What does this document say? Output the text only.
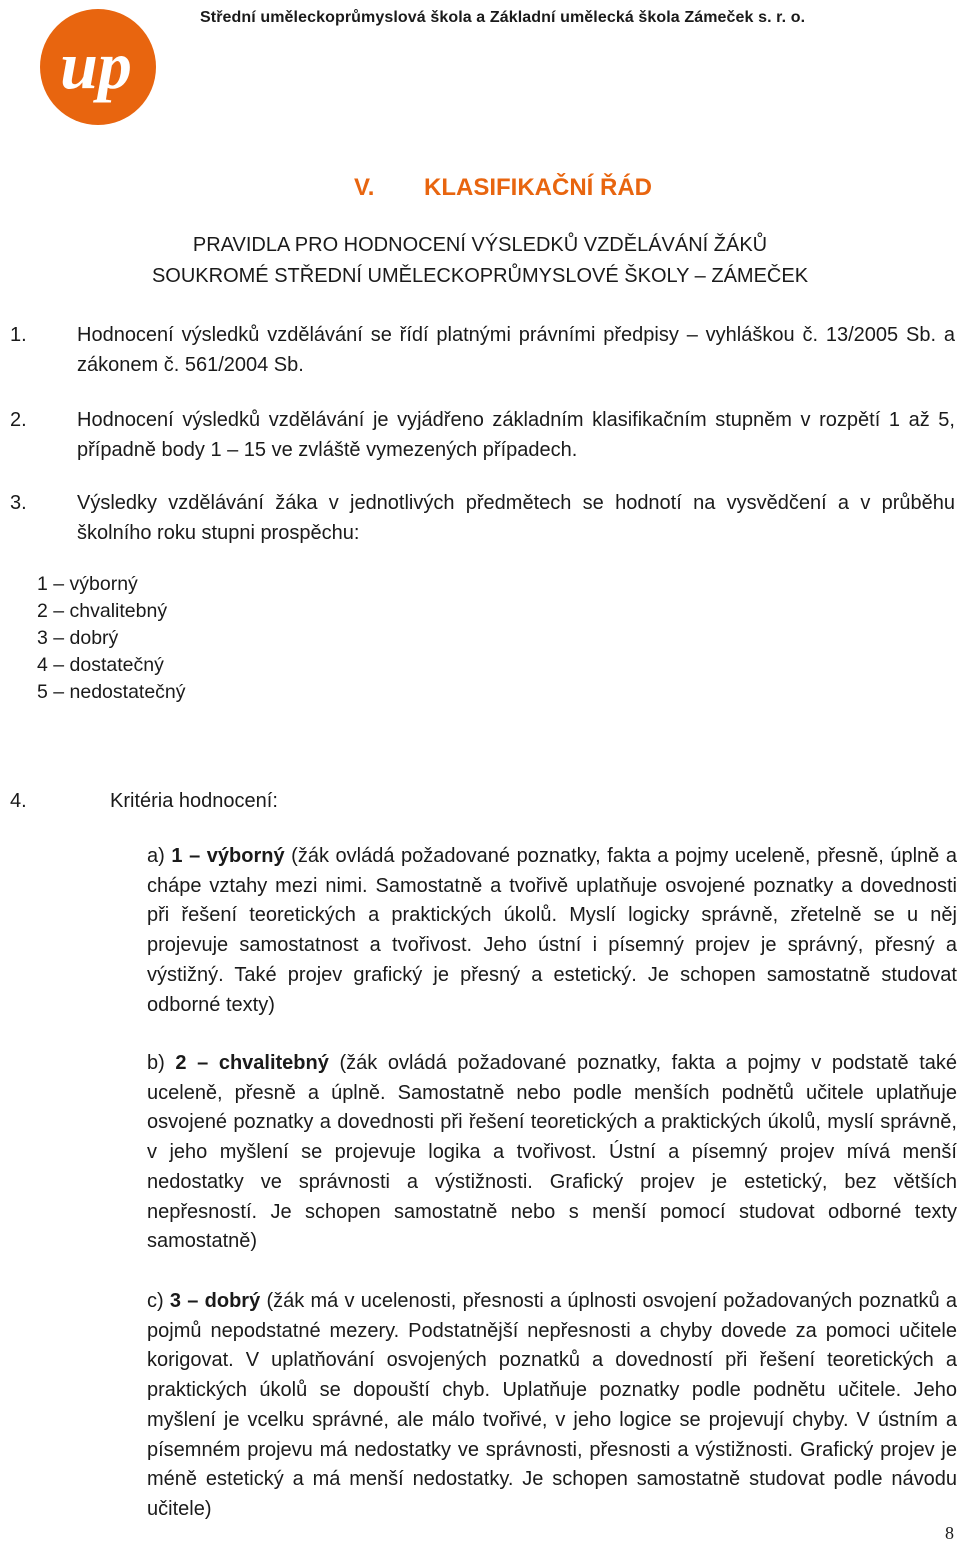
Střední uměleckoprůmyslová škola a Základní umělecká škola Zámeček s. r. o.
up
V. KLASIFIKAČNÍ ŘÁD
PRAVIDLA PRO HODNOCENÍ VÝSLEDKŮ VZDĚLÁVÁNÍ ŽÁKŮ
SOUKROMÉ STŘEDNÍ UMĚLECKOPRŮMYSLOVÉ ŠKOLY – ZÁMEČEK
1.	Hodnocení výsledků vzdělávání se řídí platnými právními předpisy – vyhláškou č. 13/2005 Sb. a zákonem č. 561/2004 Sb.
2.	Hodnocení výsledků vzdělávání je vyjádřeno základním klasifikačním stupněm v rozpětí 1 až 5, případně body 1 – 15 ve zvláště vymezených případech.
3.	Výsledky vzdělávání žáka v jednotlivých předmětech se hodnotí na vysvědčení a v průběhu školního roku stupni prospěchu:
1 – výborný
2 – chvalitebný
3 – dobrý
4 – dostatečný
5 – nedostatečný
4.	Kritéria hodnocení:
a) 1 – výborný (žák ovládá požadované poznatky, fakta a pojmy uceleně, přesně, úplně a chápe vztahy mezi nimi. Samostatně a tvořivě uplatňuje osvojené poznatky a dovednosti při řešení teoretických a praktických úkolů. Myslí logicky správně, zřetelně se u něj projevuje samostatnost a tvořivost. Jeho ústní i písemný projev je správný, přesný a výstižný. Také projev grafický je přesný a estetický. Je schopen samostatně studovat odborné texty)
b) 2 – chvalitebný (žák ovládá požadované poznatky, fakta a pojmy v podstatě také uceleně, přesně a úplně. Samostatně nebo podle menších podnětů učitele uplatňuje osvojené poznatky a dovednosti při řešení teoretických a praktických úkolů, myslí správně, v jeho myšlení se projevuje logika a tvořivost. Ústní a písemný projev mívá menší nedostatky ve správnosti a výstižnosti. Grafický projev je estetický, bez větších nepřesností. Je schopen samostatně nebo s menší pomocí studovat odborné texty samostatně)
c) 3 – dobrý (žák má v ucelenosti, přesnosti a úplnosti osvojení požadovaných poznatků a pojmů nepodstatné mezery. Podstatnější nepřesnosti a chyby dovede za pomoci učitele korigovat. V uplatňování osvojených poznatků a dovedností při řešení teoretických a praktických úkolů se dopouští chyb. Uplatňuje poznatky podle podnětu učitele. Jeho myšlení je vcelku správné, ale málo tvořivé, v jeho logice se projevují chyby. V ústním a písemném projevu má nedostatky ve správnosti, přesnosti a výstižnosti. Grafický projev je méně estetický a má menší nedostatky. Je schopen samostatně studovat podle návodu učitele)
8
